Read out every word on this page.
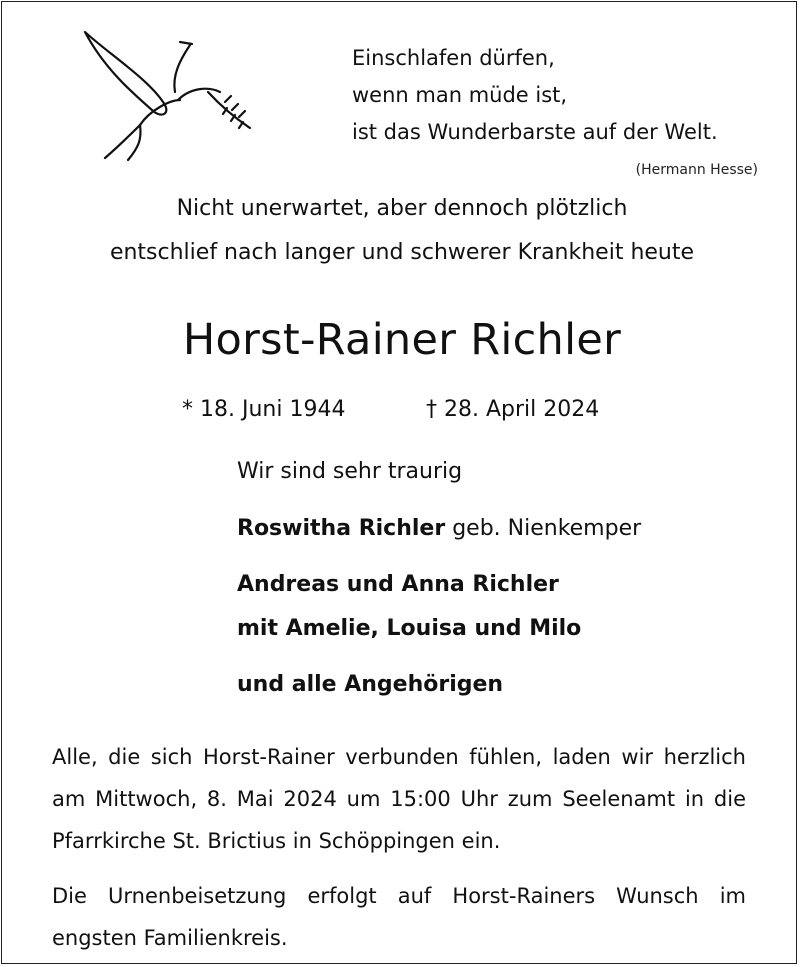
Einschlafen dürfen,
wenn man müde ist,
ist das Wunderbarste auf der Welt.
(Hermann Hesse)
Nicht unerwartet, aber dennoch plötzlich
entschlief nach langer und schwerer Krankheit heute
Horst-Rainer Richler
* 18. Juni 1944	† 28. April 2024
Wir sind sehr traurig
Roswitha Richler geb. Nienkemper
Andreas und Anna Richler
mit Amelie, Louisa und Milo
und alle Angehörigen
Alle, die sich Horst-Rainer verbunden fühlen, laden wir herzlich am Mittwoch, 8. Mai 2024 um 15:00 Uhr zum Seelenamt in die Pfarrkirche St. Brictius in Schöppingen ein.
Die Urnenbeisetzung erfolgt auf Horst-Rainers Wunsch im engsten Familienkreis.
